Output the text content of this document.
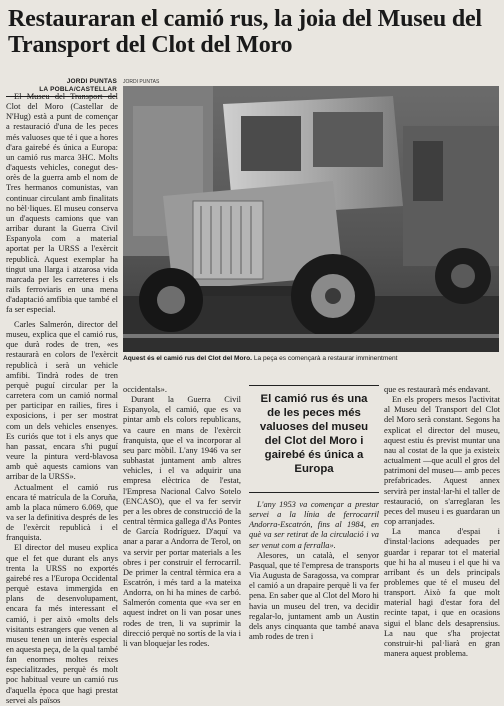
Restauraran el camió rus, la joia del Museu del Transport del Clot del Moro
JORDI PUNTAS
LA POBLA/CASTELLAR
JORDI PUNTAS
Aquest és el camió rus del Clot del Moro. La peça es començarà a restaurar imminentment

El Museu del Transport del Clot del Moro (Castellar de N'Hug) està a punt de començar a restauració d'una de les peces més valuoses que té i que a hores d'ara gairebé és única a Europa: un camió rus marca 3HC. Molts d'aquests vehicles, conegut des-orès de la guerra amb el nom de Tres hermanos comunistas, van continuar circulant amb finalitats no bèl·liques. El museu conserva un d'aquests camions que van arribar durant la Guerra Civil Espanyola com a material aportat per la URSS a l'exèrcit republicà. Aquest exemplar ha tingut una llarga i atzarosa vida marcada per les carreteres i els rails ferroviaris en una mena d'adaptació amfíbia que també el fa ser especial.

Carles Salmerón, director del museu, explica que el camió rus, que durà rodes de tren, «es restaurarà en colors de l'exèrcit republicà i serà un vehicle amfibi. Tindrà rodes de tren perquè puguí circular per la carretera com un camió normal per participar en railies, fires i exposicions, i per ser mostrat com un dels vehicles ensenyes. Es curiós que tot i els anys que han passat, encara s'hi puguí veure la pintura verd-blavosa amb què aquests camions van arribar de la URSS».

Actualment el camió rus encara té matrícula de la Coruña, amb la placa número 6.069, que va ser la definitiva després de les de l'exèrcit republicà i el franquista.

El director del museu explica que el fet que durant els anys trenta la URSS no exportés gairebé res a l'Europa Occidental perquè estava immergida en plans de desenvolupament, encara fa més interessant el camió, i per això «molts dels visitants estrangers que venen al museu tenen un interès especial en aquesta peça, de la qual també fan enormes moltes reixes especialitzades, perquè és molt poc habitual veure un camió rus d'aquella època que hagi prestat servei als països

occidentals».

Durant la Guerra Civil Espanyola, el camió, que es va pintar amb els colors republicans, va caure en mans de l'exèrcit franquista, que el va incorporar al seu parc mòbil. L'any 1946 va ser subhastat juntament amb altres vehicles, i el va adquirir una empresa elèctrica de l'estat, l'Empresa Nacional Calvo Sotelo (ENCASO), que el va fer servir per a les obres de construcció de la central tèrmica gallega d'As Pontes de García Rodríguez. D'aquí va anar a parar a Andorra de Terol, on va servir per portar materials a les obres i per construir el ferrocarril. De primer la central tèrmica era a Escatrón, i més tard a la mateixa Andorra, on hi ha mines de carbó. Salmerón comenta que «va ser en aquest indret on li van posar unes rodes de tren, li va suprimir la direcció perquè no sortís de la via i li van bloquejar les rodes.

El camió rus és una de les peces més valuoses del museu del Clot del Moro i gairebé és única a Europa

L'any 1953 va començar a prestar servei a la línia de ferrocarril Andorra-Escatrón, fins al 1984, en què va ser retirat de la circulació i va ser venut com a ferralla».

Alesores, un català, el senyor Pasqual, que té l'empresa de transports Via Augusta de Saragossa, va comprar el camió a un drapaire perquè li va fer pena. En saber que al Clot del Moro hi havia un museu del tren, va decidir regalar-lo, juntament amb un Austin dels anys cinquanta que també anava amb rodes de tren i

que es restaurarà més endavant.

En els propers mesos l'activitat al Museu del Transport del Clot del Moro serà constant. Segons ha explicat el director del museu, aquest estiu és previst muntar una nau al costat de la que ja existeix actualment —que acull el gros del patrimoni del museu— amb peces prefabricades. Aquest annex servirà per instal·lar-hi el taller de restauració, on s'arreglaran les peces del museu i es guardaran un cop arranjades.

La manca d'espai i d'instal·lacions adequades per guardar i reparar tot el material que hi ha al museu i el que hi va arribant és un dels principals problemes que té el museu del transport. Això fa que molt material hagi d'estar fora del recinte tapat, i que en ocasions sigui el blanc dels desaprensius. La nau que s'ha projectat construir-hi pal·liarà en gran manera aquest problema.
